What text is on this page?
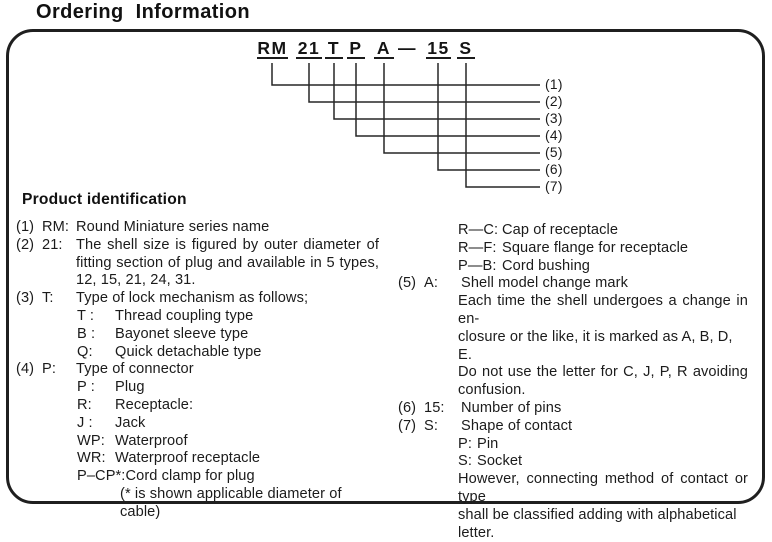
Ordering Information
RM 21 T P A — 15 S
(1)
(2)
(3)
(4)
(5)
(6)
(7)
Product identification
(1) RM: Round Miniature series name
(2) 21: The shell size is figured by outer diameter of
fitting section of plug and available in 5 types,
12, 15, 21, 24, 31.
(3) T:	Type of lock mechanism as follows;
T :	Thread coupling type
B :	Bayonet sleeve type
Q:	Quick detachable type
(4) P:	Type of connector
P :	Plug
R:	Receptacle:
J :	Jack
WP: Waterproof
WR: Waterproof receptacle
P–CP*: Cord clamp for plug
(* is shown applicable diameter of cable)
R—C: Cap of receptacle
R—F: Square flange for receptacle
P—B: Cord bushing
(5) A:	Shell model change mark
Each time the shell undergoes a change in en-
closure or the like, it is marked as A, B, D, E.
Do not use the letter for C, J, P, R avoiding
confusion.
(6) 15:	Number of pins
(7) S:	Shape of contact
P: Pin
S: Socket
However, connecting method of contact or type
shall be classified adding with alphabetical letter.
